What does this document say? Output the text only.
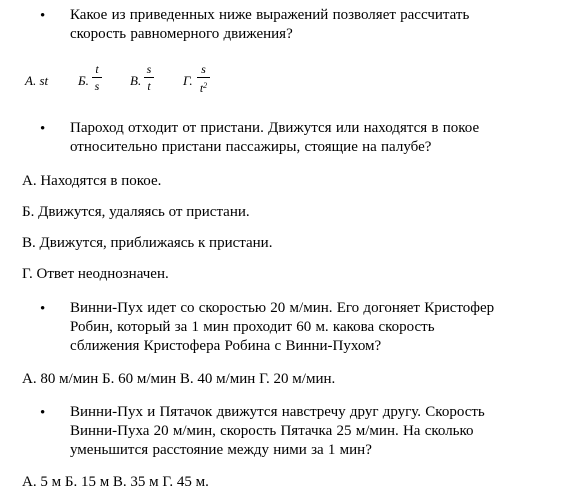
• Какое из приведенных ниже выражений позволяет рассчитать
скорость равномерного движения?
A. st Б.
t
s В.
s
t Г.
s
$t^2$
• Пароход отходит от пристани. Движутся или находятся в покое
относительно пристани пассажиры, стоящие на палубе?
А. Находятся в покое.
Б. Движутся, удаляясь от пристани.
В. Движутся, приближаясь к пристани.
Г. Ответ неоднозначен.
• Винни-Пух идет со скоростью 20 м/мин. Его догоняет Кристофер
Робин, который за 1 мин проходит 60 м. какова скорость
сближения Кристофера Робина с Винни-Пухом?
А. 80 м/мин Б. 60 м/мин В. 40 м/мин Г. 20 м/мин.
• Винни-Пух и Пятачок движутся навстречу друг другу. Скорость
Винни-Пуха 20 м/мин, скорость Пятачка 25 м/мин. На сколько
уменьшится расстояние между ними за 1 мин?
А. 5 м Б. 15 м В. 35 м Г. 45 м.
